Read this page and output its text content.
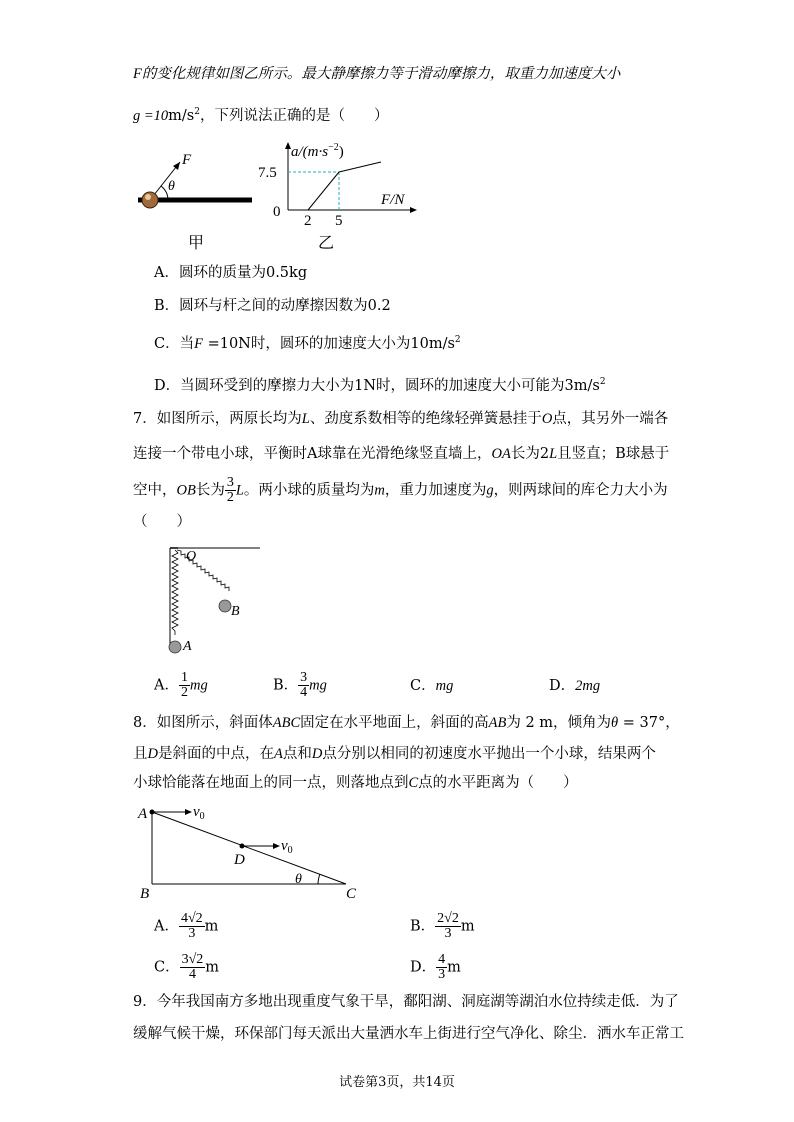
F的变化规律如图乙所示。最大静摩擦力等于滑动摩擦力，取重力加速度大小
$g =10m/s^2$，下列说法正确的是（　　）
F
θ
甲
$a/(m\cdot s^{-2})$
7.5
0
2 5
F/N
乙
A．圆环的质量为0.5kg
B．圆环与杆之间的动摩擦因数为0.2
C．当F =10N时，圆环的加速度大小为$10m/s^2$
D．当圆环受到的摩擦力大小为1N时，圆环的加速度大小可能为$3m/s^2$
7．如图所示，两原长均为L、劲度系数相等的绝缘轻弹簧悬挂于O点，其另外一端各
连接一个带电小球，平衡时A球靠在光滑绝缘竖直墙上，OA长为2L且竖直；B球悬于
空中，OB长为 $\frac{3}{2}$ L。两小球的质量均为m，重力加速度为g，则两球间的库仑力大小为
（　　）
O
A
B
A． $\frac{1}{2}$ mg	B． $\frac{3}{4}$ mg	C．mg	D．2mg
8．如图所示，斜面体ABC固定在水平地面上，斜面的高AB为 2 m，倾角为θ = 37°，
且D是斜面的中点，在A点和D点分别以相同的初速度水平抛出一个小球，结果两个
小球恰能落在地面上的同一点，则落地点到C点的水平距离为（　　）
A
B	C
D
$v_0$
$v_0$
θ
A． $\frac{4√2}{3}$ m	B． $\frac{2√2}{3}$ m
C． $\frac{3√2}{4}$ m	D． $\frac{4}{3}$ m
9．今年我国南方多地出现重度气象干旱，鄱阳湖、洞庭湖等湖泊水位持续走低．为了
缓解气候干燥，环保部门每天派出大量洒水车上街进行空气净化、除尘．洒水车正常工
试卷第3页，共14页
